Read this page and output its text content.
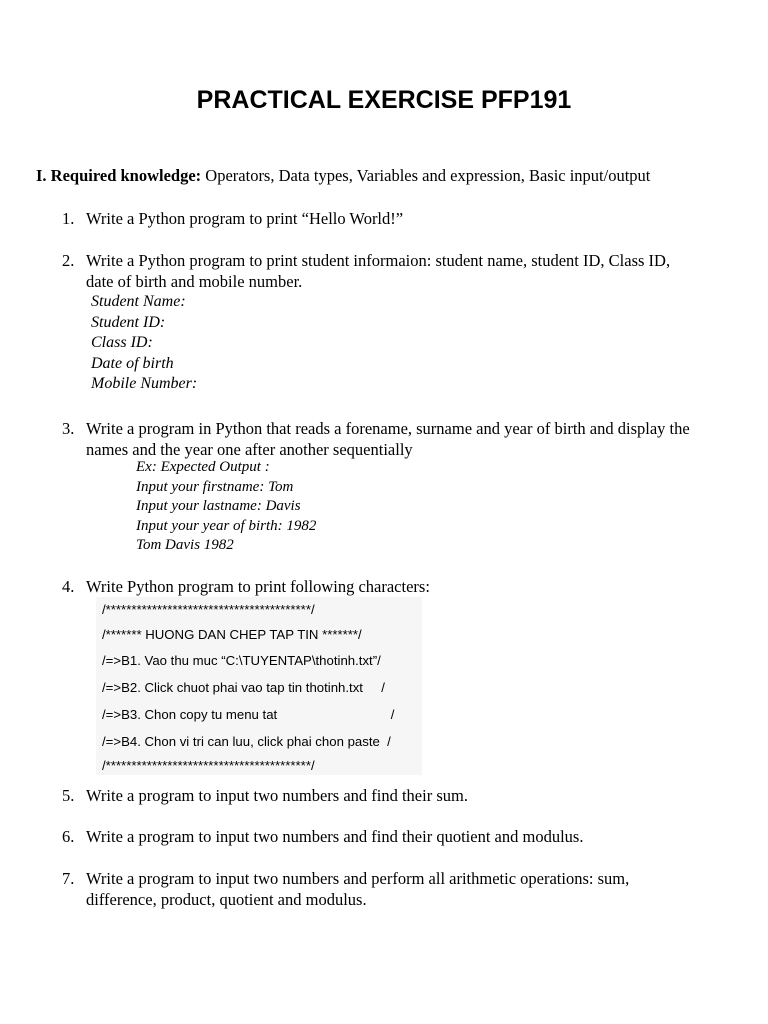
PRACTICAL EXERCISE PFP191
I. Required knowledge: Operators, Data types, Variables and expression, Basic input/output
1. Write a Python program to print “Hello World!”
2. Write a Python program to print student informaion: student name, student ID, Class ID,
date of birth and mobile number.
Student Name:
Student ID:
Class ID:
Date of birth
Mobile Number:
3. Write a program in Python that reads a forename, surname and year of birth and display the
names and the year one after another sequentially
Ex: Expected Output :
Input your firstname: Tom
Input your lastname: Davis
Input your year of birth: 1982
Tom Davis 1982
4. Write Python program to print following characters:
/****************************************/
/******* HUONG DAN CHEP TAP TIN *******/
/=>B1. Vao thu muc “C:\TUYENTAP\thotinh.txt”/
/=>B2. Click chuot phai vao tap tin thotinh.txt     /
/=>B3. Chon copy tu menu tat                               /
/=>B4. Chon vi tri can luu, click phai chon paste  /
/****************************************/
5. Write a program to input two numbers and find their sum.
6. Write a program to input two numbers and find their quotient and modulus.
7. Write a program to input two numbers and perform all arithmetic operations: sum,
difference, product, quotient and modulus.
